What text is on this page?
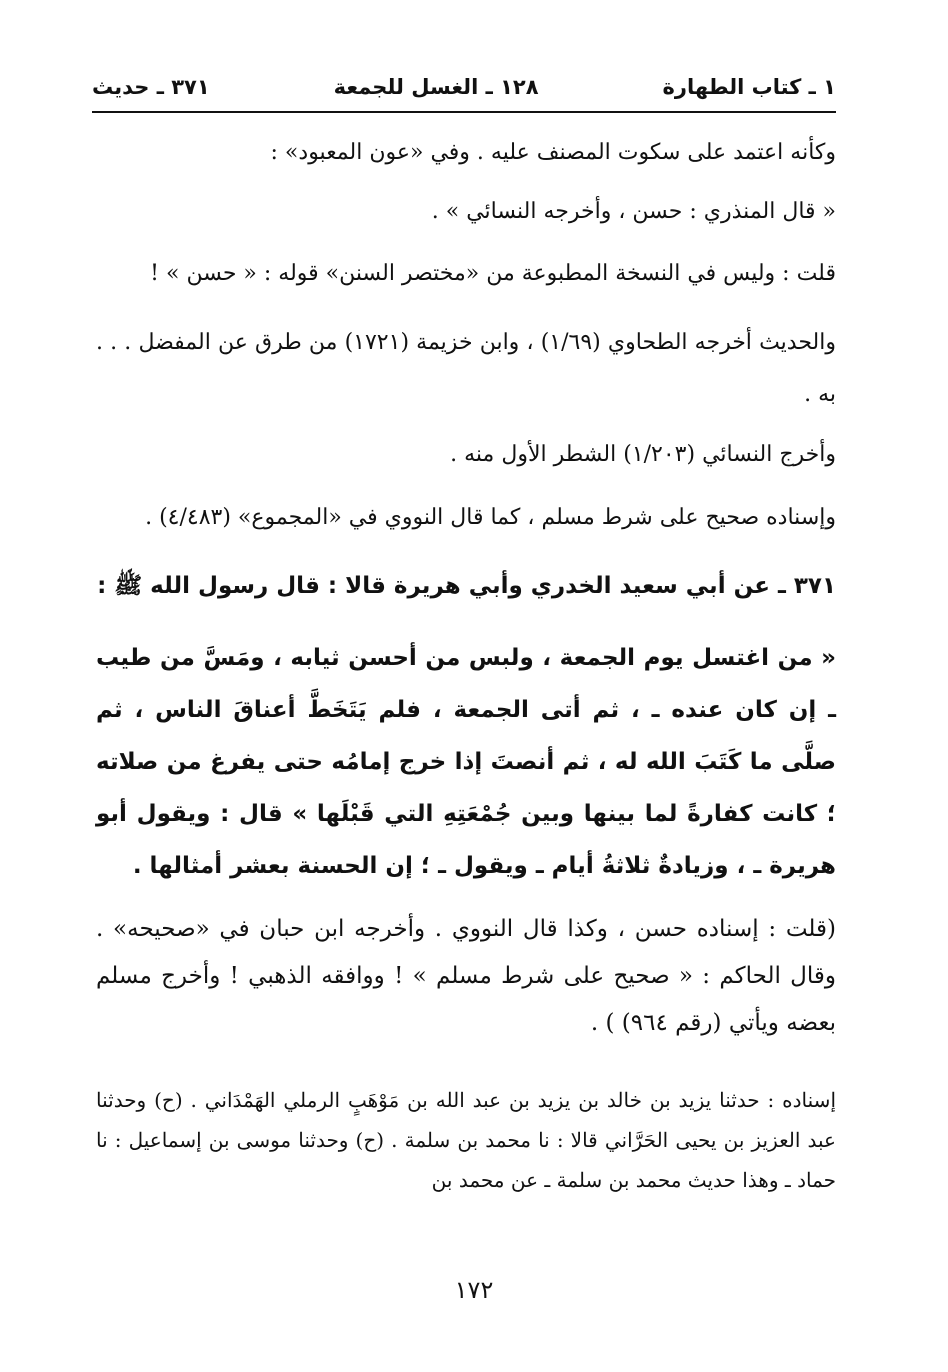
١ ـ كتاب الطهارة
١٢٨ ـ الغسل للجمعة
٣٧١ ـ حديث

وكأنه اعتمد على سكوت المصنف عليه . وفي «عون المعبود» :

« قال المنذري : حسن ، وأخرجه النسائي » .

قلت : وليس في النسخة المطبوعة من «مختصر السنن» قوله : « حسن » !

والحديث أخرجه الطحاوي (١/٦٩) ، وابن خزيمة (١٧٢١) من طرق عن المفضل . . . به .

وأخرج النسائي (١/٢٠٣) الشطر الأول منه .

وإسناده صحيح على شرط مسلم ، كما قال النووي في «المجموع» (٤/٤٨٣) .

٣٧١ ـ عن أبي سعيد الخدري وأبي هريرة قالا : قال رسول الله ﷺ :

« من اغتسل يوم الجمعة ، ولبس من أحسن ثيابه ، ومَسَّ من طيب ـ إن كان عنده ـ ، ثم أتى الجمعة ، فلم يَتَخَطَّ أعناقَ الناس ، ثم صلَّى ما كَتَبَ الله له ، ثم أنصتَ إذا خرج إمامُه حتى يفرغ من صلاته ؛ كانت كفارةً لما بينها وبين جُمْعَتِهِ التي قَبْلَها » قال : ويقول أبو هريرة ـ ، وزيادةٌ ثلاثةُ أيام ـ ويقول ـ ؛ إن الحسنة بعشر أمثالها .

(قلت : إسناده حسن ، وكذا قال النووي . وأخرجه ابن حبان في «صحيحه» . وقال الحاكم : « صحيح على شرط مسلم » ! ووافقه الذهبي ! وأخرج مسلم بعضه ويأتي (رقم ٩٦٤) ) .

إسناده : حدثنا يزيد بن خالد بن يزيد بن عبد الله بن مَوْهَبٍ الرملي الهَمْدَاني . (ح) وحدثنا عبد العزيز بن يحيى الحَرَّاني قالا : نا محمد بن سلمة . (ح) وحدثنا موسى بن إسماعيل : نا حماد ـ وهذا حديث محمد بن سلمة ـ عن محمد بن

١٧٢
